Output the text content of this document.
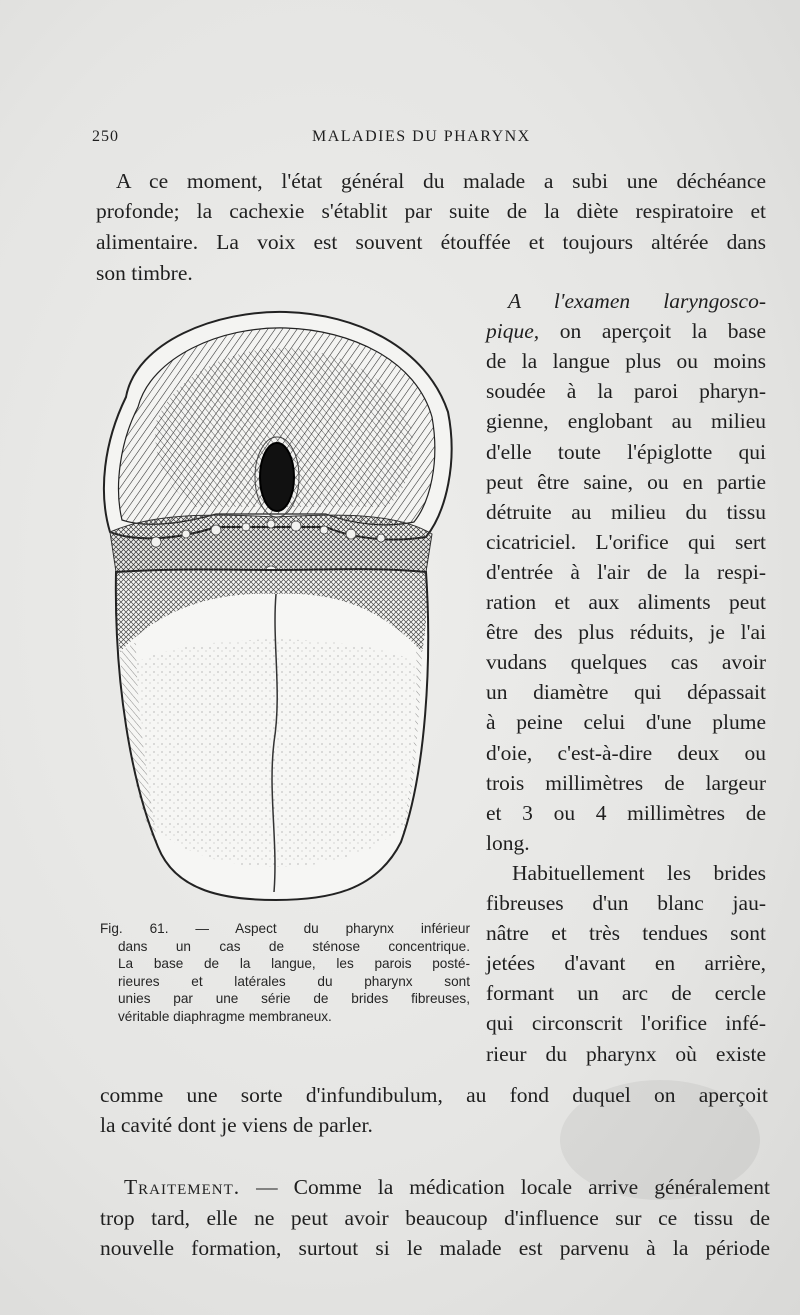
250	MALADIES DU PHARYNX
A ce moment, l'état général du malade a subi une déchéance
profonde; la cachexie s'établit par suite de la diète respiratoire et
alimentaire. La voix est souvent étouffée et toujours altérée dans
son timbre.
A l'examen laryngosco-
pique, on aperçoit la base
de la langue plus ou moins
soudée à la paroi pharyn-
gienne, englobant au milieu
d'elle toute l'épiglotte qui
peut être saine, ou en partie
détruite au milieu du tissu
cicatriciel. L'orifice qui sert
d'entrée à l'air de la respi-
ration et aux aliments peut
être des plus réduits, je l'ai
vudans quelques cas avoir
un diamètre qui dépassait
à peine celui d'une plume
d'oie, c'est-à-dire deux ou
trois millimètres de largeur
et 3 ou 4 millimètres de
long.
Habituellement les brides
fibreuses d'un blanc jau-
nâtre et très tendues sont
jetées d'avant en arrière,
formant un arc de cercle
qui circonscrit l'orifice infé-
rieur du pharynx où existe
Fig. 61. — Aspect du pharynx inférieur
dans un cas de sténose concentrique.
La base de la langue, les parois posté-
rieures et latérales du pharynx sont
unies par une série de brides fibreuses,
véritable diaphragme membraneux.
comme une sorte d'infundibulum, au fond duquel on aperçoit
la cavité dont je viens de parler.
Traitement. — Comme la médication locale arrive généralement
trop tard, elle ne peut avoir beaucoup d'influence sur ce tissu de
nouvelle formation, surtout si le malade est parvenu à la période
